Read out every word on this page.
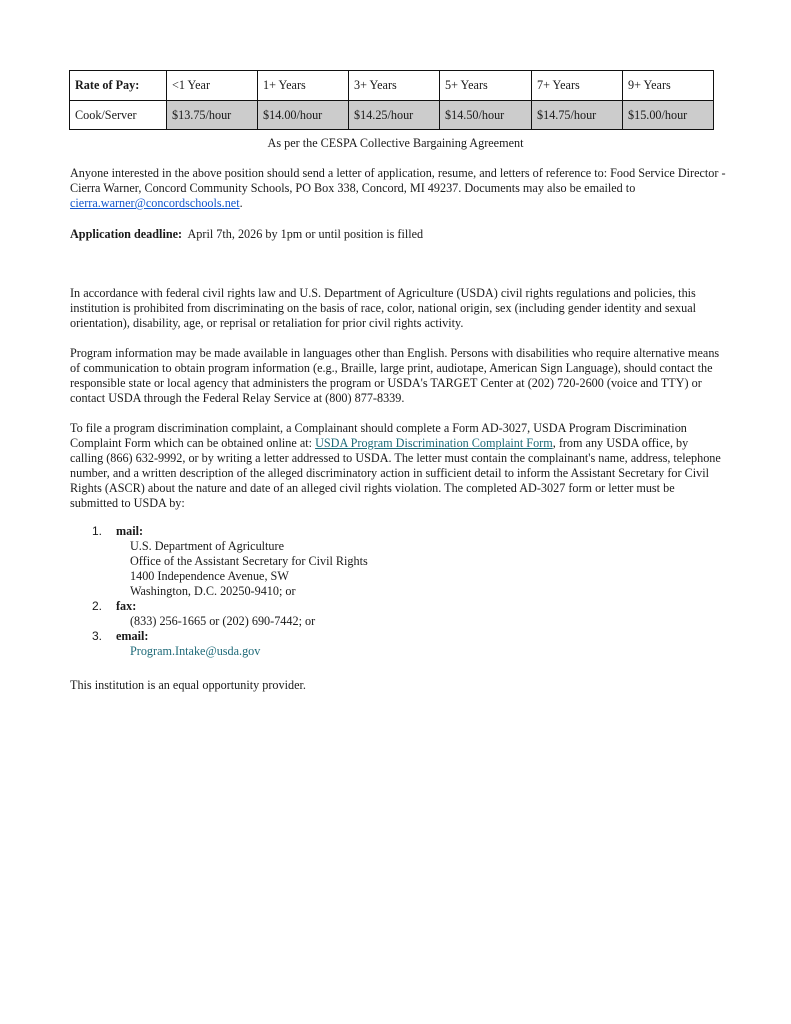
Rate of Pay:	<1 Year	1+ Years	3+ Years	5+ Years	7+ Years	9+ Years
Cook/Server	$13.75/hour	$14.00/hour	$14.25/hour	$14.50/hour	$14.75/hour	$15.00/hour
As per the CESPA Collective Bargaining Agreement

Anyone interested in the above position should send a letter of application, resume, and letters of reference to: Food Service Director - Cierra Warner, Concord Community Schools, PO Box 338, Concord, MI 49237. Documents may also be emailed to cierra.warner@concordschools.net.

Application deadline:  April 7th, 2026 by 1pm or until position is filled

In accordance with federal civil rights law and U.S. Department of Agriculture (USDA) civil rights regulations and policies, this institution is prohibited from discriminating on the basis of race, color, national origin, sex (including gender identity and sexual orientation), disability, age, or reprisal or retaliation for prior civil rights activity.

Program information may be made available in languages other than English. Persons with disabilities who require alternative means of communication to obtain program information (e.g., Braille, large print, audiotape, American Sign Language), should contact the responsible state or local agency that administers the program or USDA's TARGET Center at (202) 720-2600 (voice and TTY) or contact USDA through the Federal Relay Service at (800) 877-8339.

To file a program discrimination complaint, a Complainant should complete a Form AD-3027, USDA Program Discrimination Complaint Form which can be obtained online at: USDA Program Discrimination Complaint Form, from any USDA office, by calling (866) 632-9992, or by writing a letter addressed to USDA. The letter must contain the complainant's name, address, telephone number, and a written description of the alleged discriminatory action in sufficient detail to inform the Assistant Secretary for Civil Rights (ASCR) about the nature and date of an alleged civil rights violation. The completed AD-3027 form or letter must be submitted to USDA by:

1. mail:
U.S. Department of Agriculture
Office of the Assistant Secretary for Civil Rights
1400 Independence Avenue, SW
Washington, D.C. 20250-9410; or
2. fax:
(833) 256-1665 or (202) 690-7442; or
3. email:
Program.Intake@usda.gov

This institution is an equal opportunity provider.
